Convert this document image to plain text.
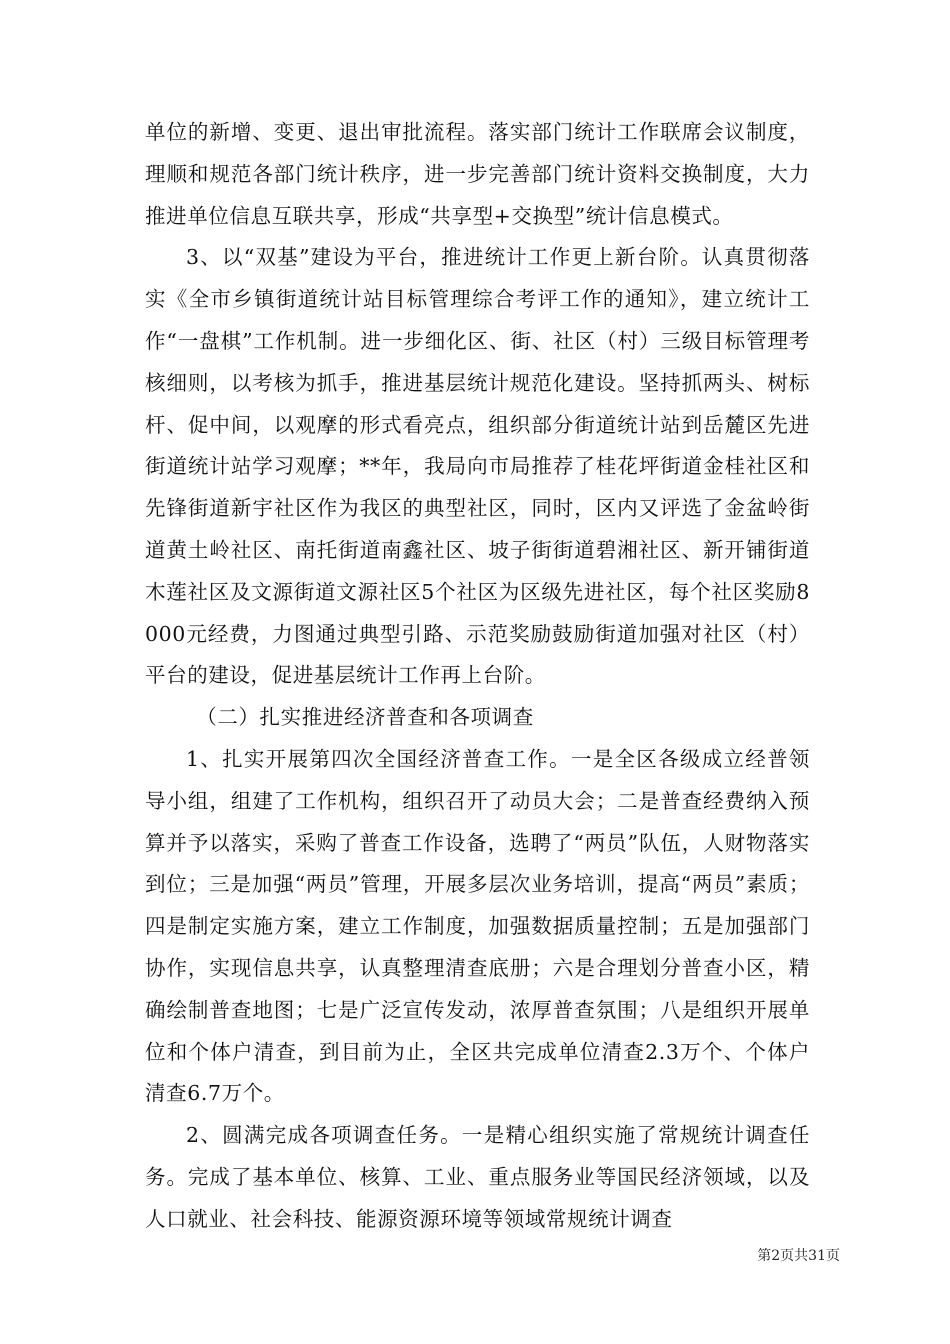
单位的新增、变更、退出审批流程。落实部门统计工作联席会议制度，理顺和规范各部门统计秩序，进一步完善部门统计资料交换制度，大力推进单位信息互联共享，形成“共享型+交换型”统计信息模式。

3、以“双基”建设为平台，推进统计工作更上新台阶。认真贯彻落实《全市乡镇街道统计站目标管理综合考评工作的通知》，建立统计工作“一盘棋”工作机制。进一步细化区、街、社区（村）三级目标管理考核细则，以考核为抓手，推进基层统计规范化建设。坚持抓两头、树标杆、促中间，以观摩的形式看亮点，组织部分街道统计站到岳麓区先进街道统计站学习观摩；**年，我局向市局推荐了桂花坪街道金桂社区和先锋街道新宇社区作为我区的典型社区，同时，区内又评选了金盆岭街道黄土岭社区、南托街道南鑫社区、坡子街街道碧湘社区、新开铺街道木莲社区及文源街道文源社区5个社区为区级先进社区，每个社区奖励8000元经费，力图通过典型引路、示范奖励鼓励街道加强对社区（村）平台的建设，促进基层统计工作再上台阶。

（二）扎实推进经济普查和各项调查

1、扎实开展第四次全国经济普查工作。一是全区各级成立经普领导小组，组建了工作机构，组织召开了动员大会；二是普查经费纳入预算并予以落实，采购了普查工作设备，选聘了“两员”队伍，人财物落实到位；三是加强“两员”管理，开展多层次业务培训，提高“两员”素质；四是制定实施方案，建立工作制度，加强数据质量控制；五是加强部门协作，实现信息共享，认真整理清查底册；六是合理划分普查小区，精确绘制普查地图；七是广泛宣传发动，浓厚普查氛围；八是组织开展单位和个体户清查，到目前为止，全区共完成单位清查2.3万个、个体户清查6.7万个。

2、圆满完成各项调查任务。一是精心组织实施了常规统计调查任务。完成了基本单位、核算、工业、重点服务业等国民经济领域，以及人口就业、社会科技、能源资源环境等领域常规统计调查

第2页共31页
